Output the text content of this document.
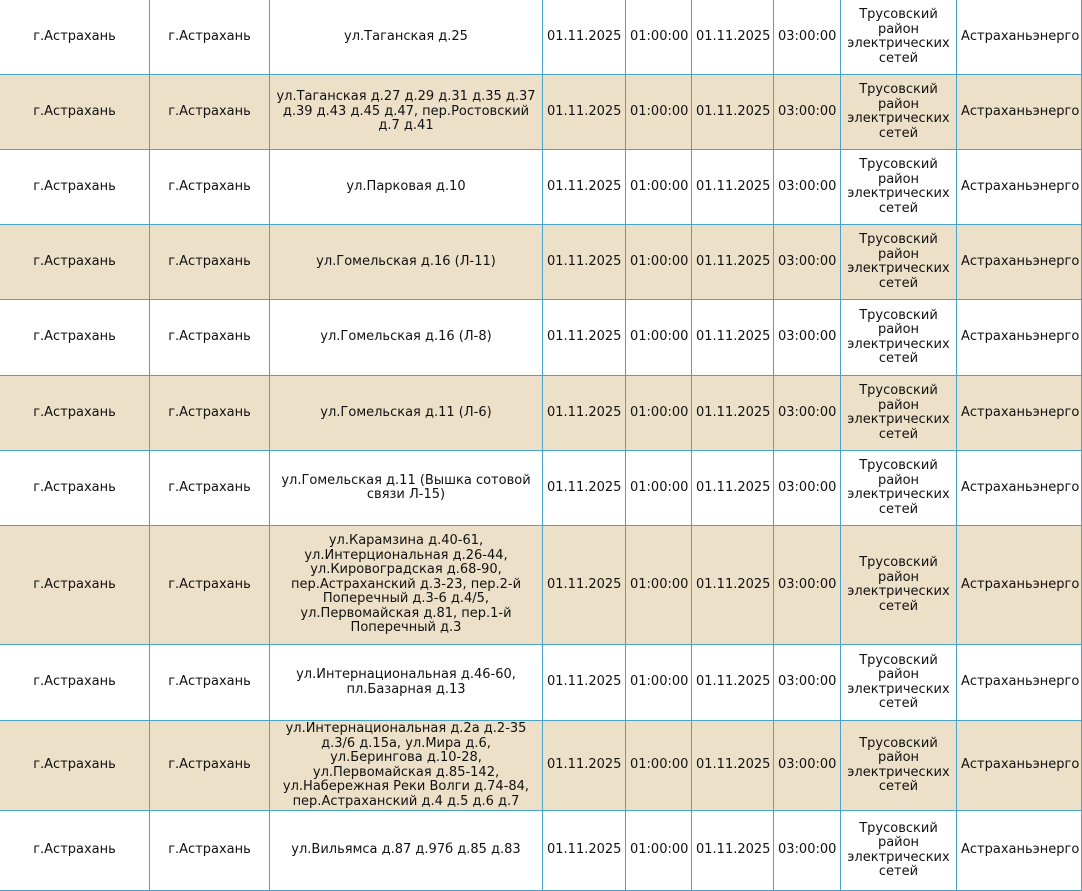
г.Астрахань	г.Астрахань	ул.Таганская д.25	01.11.2025	01:00:00	01.11.2025	03:00:00	Трусовский район электрических сетей	Астраханьэнерго
г.Астрахань	г.Астрахань	ул.Таганская д.27 д.29 д.31 д.35 д.37 д.39 д.43 д.45 д.47, пер.Ростовский д.7 д.41	01.11.2025	01:00:00	01.11.2025	03:00:00	Трусовский район электрических сетей	Астраханьэнерго
г.Астрахань	г.Астрахань	ул.Парковая д.10	01.11.2025	01:00:00	01.11.2025	03:00:00	Трусовский район электрических сетей	Астраханьэнерго
г.Астрахань	г.Астрахань	ул.Гомельская д.16 (Л-11)	01.11.2025	01:00:00	01.11.2025	03:00:00	Трусовский район электрических сетей	Астраханьэнерго
г.Астрахань	г.Астрахань	ул.Гомельская д.16 (Л-8)	01.11.2025	01:00:00	01.11.2025	03:00:00	Трусовский район электрических сетей	Астраханьэнерго
г.Астрахань	г.Астрахань	ул.Гомельская д.11 (Л-6)	01.11.2025	01:00:00	01.11.2025	03:00:00	Трусовский район электрических сетей	Астраханьэнерго
г.Астрахань	г.Астрахань	ул.Гомельская д.11 (Вышка сотовой связи Л-15)	01.11.2025	01:00:00	01.11.2025	03:00:00	Трусовский район электрических сетей	Астраханьэнерго
г.Астрахань	г.Астрахань	ул.Карамзина д.40-61, ул.Интерциональная д.26-44, ул.Кировоградская д.68-90, пер.Астраханский д.3-23, пер.2-й Поперечный д.3-6 д.4/5, ул.Первомайская д.81, пер.1-й Поперечный д.3	01.11.2025	01:00:00	01.11.2025	03:00:00	Трусовский район электрических сетей	Астраханьэнерго
г.Астрахань	г.Астрахань	ул.Интернациональная д.46-60, пл.Базарная д.13	01.11.2025	01:00:00	01.11.2025	03:00:00	Трусовский район электрических сетей	Астраханьэнерго
г.Астрахань	г.Астрахань	ул.Интернациональная д.2а д.2-35 д.3/6 д.15а, ул.Мира д.6, ул.Берингова д.10-28, ул.Первомайская д.85-142, ул.Набережная Реки Волги д.74-84, пер.Астраханский д.4 д.5 д.6 д.7	01.11.2025	01:00:00	01.11.2025	03:00:00	Трусовский район электрических сетей	Астраханьэнерго
г.Астрахань	г.Астрахань	ул.Вильямса д.87 д.97б д.85 д.83	01.11.2025	01:00:00	01.11.2025	03:00:00	Трусовский район электрических сетей	Астраханьэнерго
